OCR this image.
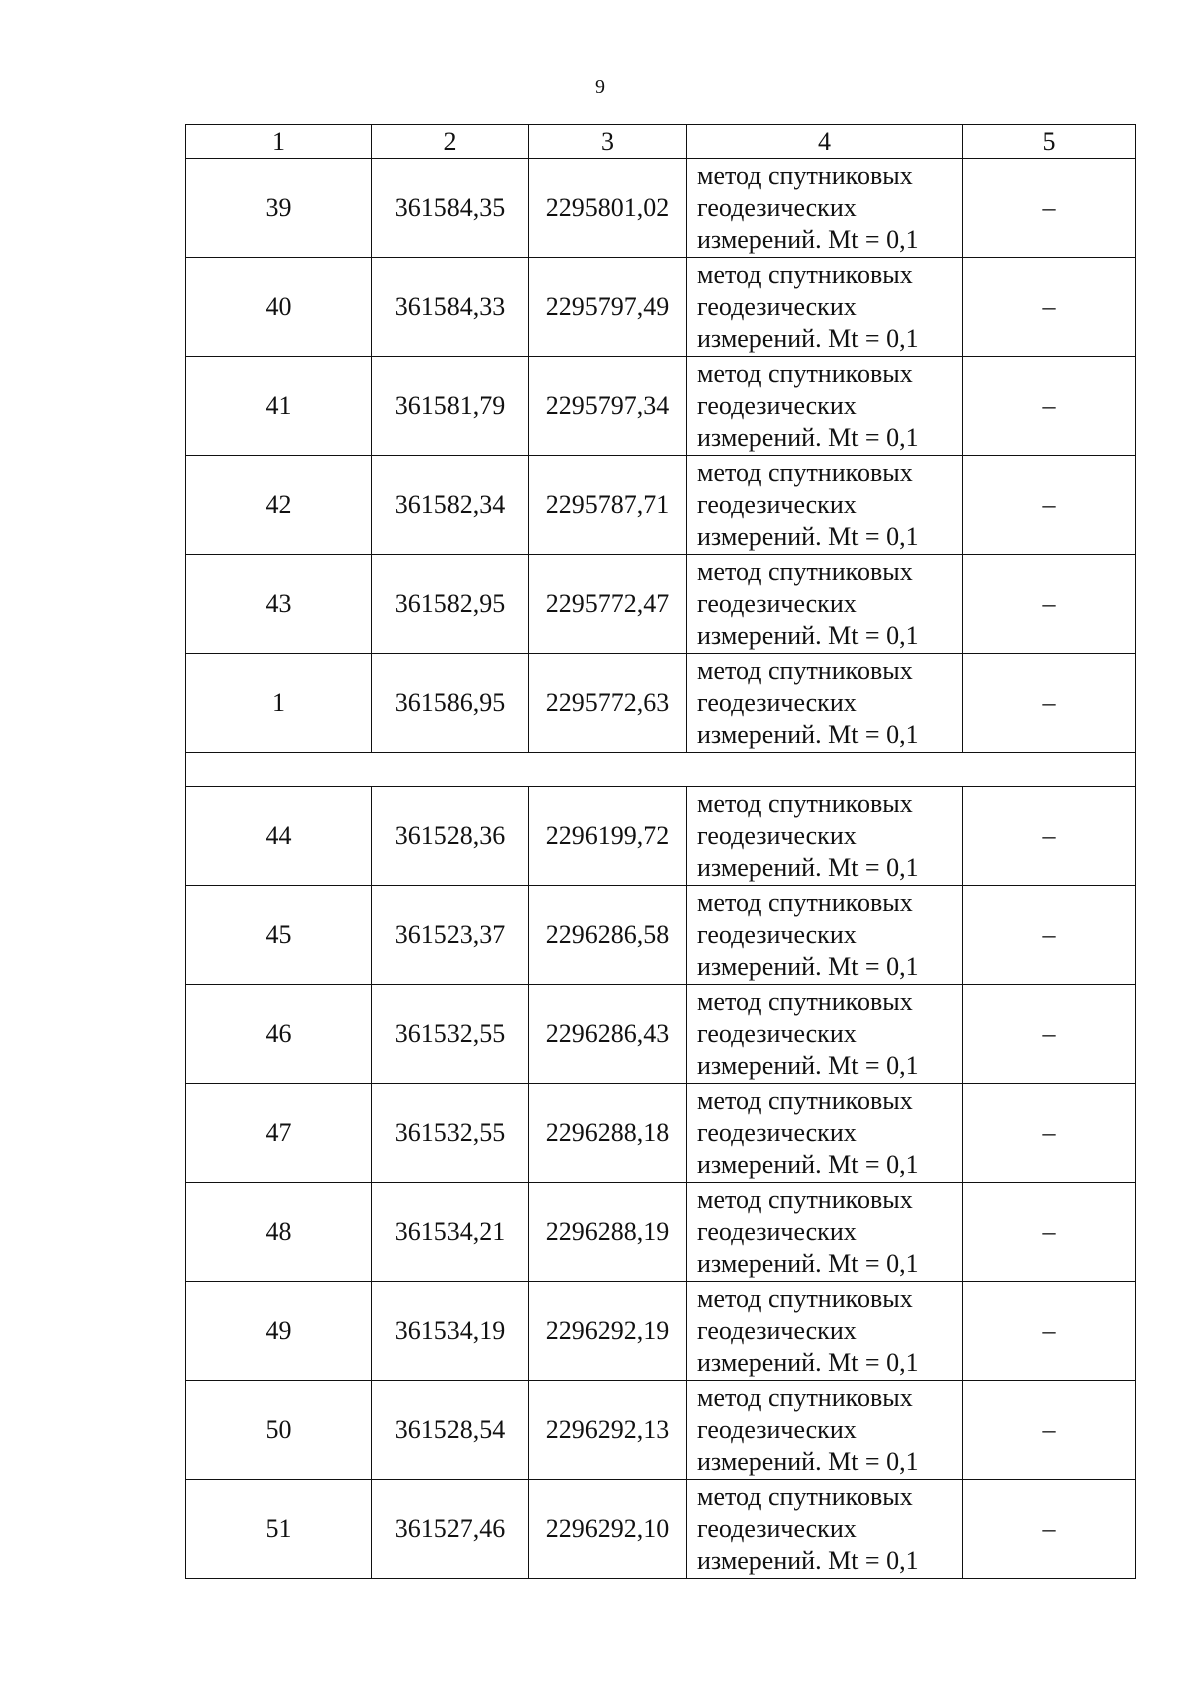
9
1	2	3	4	5
39	361584,35	2295801,02	метод спутниковых
геодезических
измерений. Mt = 0,1	–
40	361584,33	2295797,49	метод спутниковых
геодезических
измерений. Mt = 0,1	–
41	361581,79	2295797,34	метод спутниковых
геодезических
измерений. Mt = 0,1	–
42	361582,34	2295787,71	метод спутниковых
геодезических
измерений. Mt = 0,1	–
43	361582,95	2295772,47	метод спутниковых
геодезических
измерений. Mt = 0,1	–
1	361586,95	2295772,63	метод спутниковых
геодезических
измерений. Mt = 0,1	–

44	361528,36	2296199,72	метод спутниковых
геодезических
измерений. Mt = 0,1	–
45	361523,37	2296286,58	метод спутниковых
геодезических
измерений. Mt = 0,1	–
46	361532,55	2296286,43	метод спутниковых
геодезических
измерений. Mt = 0,1	–
47	361532,55	2296288,18	метод спутниковых
геодезических
измерений. Mt = 0,1	–
48	361534,21	2296288,19	метод спутниковых
геодезических
измерений. Mt = 0,1	–
49	361534,19	2296292,19	метод спутниковых
геодезических
измерений. Mt = 0,1	–
50	361528,54	2296292,13	метод спутниковых
геодезических
измерений. Mt = 0,1	–
51	361527,46	2296292,10	метод спутниковых
геодезических
измерений. Mt = 0,1	–
